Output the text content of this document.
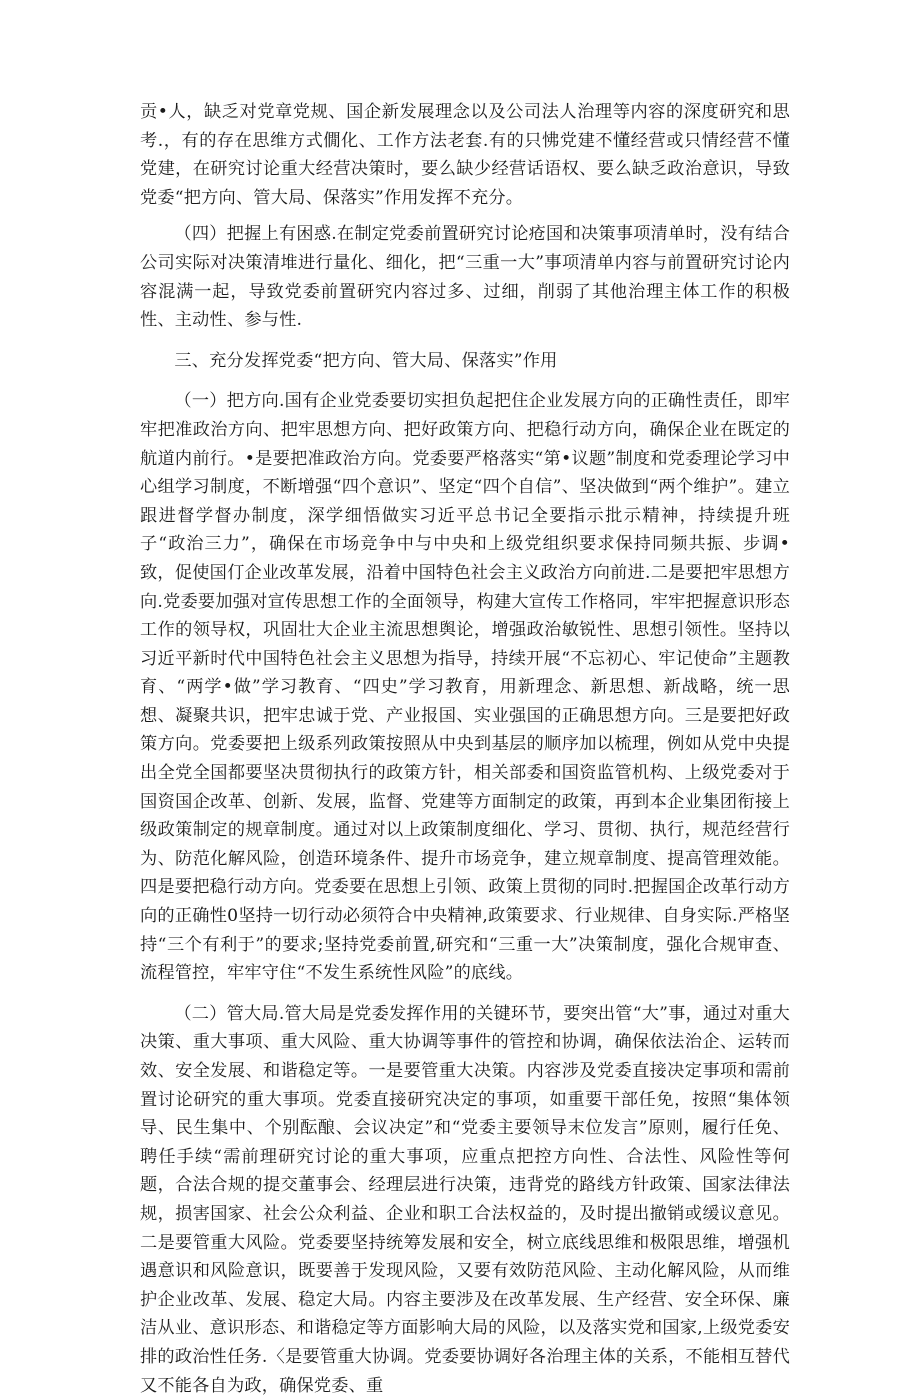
贡•人，缺乏对党章党规、国企新发展理念以及公司法人治理等内容的深度研究和思考.，有的存在思维方式僩化、工作方法老套.有的只怫党建不懂经营或只情经营不懂党建，在研究讨论重大经营决策时，要么缺少经营话语权、要么缺乏政治意识，导致党委“把方向、管大局、保落实”作用发挥不充分。

（四）把握上有困惑.在制定党委前置研究讨论疮国和决策事项清单时，没有结合公司实际对决策清堆进行量化、细化，把“三重一大”事项清单内容与前置研究讨论内容混满一起，导致党委前置研究内容过多、过细，削弱了其他治理主体工作的积极性、主动性、参与性.

三、充分发挥党委“把方向、管大局、保落实”作用

（一）把方向.国有企业党委要切实担负起把住企业发展方向的正确性责任，即牢牢把准政治方向、把牢思想方向、把好政策方向、把稳行动方向，确保企业在既定的航道内前行。•是要把准政治方向。党委要严格落实“第•议题”制度和党委理论学习中心组学习制度，不断增强“四个意识”、坚定“四个自信”、坚决做到“两个维护”。建立跟进督学督办制度，深学细悟做实习近平总书记全要指示批示精神，持续提升班子“政治三力”，确保在市场竞争中与中央和上级党组织要求保持同频共振、步调•致，促使国仃企业改革发展，沿着中国特色社会主义政治方向前进.二是要把牢思想方向.党委要加强对宣传思想工作的全面领导，构建大宣传工作格同，牢牢把握意识形态工作的领导权，巩固壮大企业主流思想舆论，增强政治敏锐性、思想引领性。坚持以习近平新时代中国特色社会主义思想为指导，持续开展“不忘初心、牢记使命”主题教育、“两学•做”学习教育、“四史”学习教育，用新理念、新思想、新战略，统一思想、凝聚共识，把牢忠诚于党、产业报国、实业强国的正确思想方向。三是要把好政策方向。党委要把上级系列政策按照从中央到基层的顺序加以梳理，例如从党中央提出全党全国都要坚决贯彻执行的政策方针，相关部委和国资监管机构、上级党委对于国资国企改革、创新、发展，监督、党建等方面制定的政策，再到本企业集团衔接上级政策制定的规章制度。通过对以上政策制度细化、学习、贯彻、执行，规范经营行为、防范化解风险，创造环境条件、提升市场竞争，建立规章制度、提高管理效能。四是要把稳行动方向。党委要在思想上引领、政策上贯彻的同时.把握国企改革行动方向的正确性0坚持一切行动必须符合中央精神,政策要求、行业规律、自身实际.严格坚持“三个有利于”的要求;坚持党委前置,研究和“三重一大”决策制度，强化合规审查、流程管控，牢牢守住“不发生系统性风险”的底线。

（二）管大局.管大局是党委发挥作用的关键环节，要突出管“大”事，通过对重大决策、重大事项、重大风险、重大协调等事件的管控和协调，确保依法治企、运转而效、安全发展、和谐稳定等。一是要管重大决策。内容涉及党委直接决定事项和需前置讨论研究的重大事项。党委直接研究决定的事项，如重要干部任免，按照“集体领导、民生集中、个别酝酿、会议决定”和“党委主要领导末位发言”原则，履行任免、聘任手续“需前理研究讨论的重大事项，应重点把控方向性、合法性、风险性等何题，合法合规的提交董事会、经理层进行决策，违背党的路线方针政策、国家法律法规，损害国家、社会公众利益、企业和职工合法权益的，及时提出撤销或缓议意见。二是要管重大风险。党委要坚持统筹发展和安全，树立底线思维和极限思维，增强机遇意识和风险意识，既要善于发现风险，又要有效防范风险、主动化解风险，从而维护企业改革、发展、稳定大局。内容主要涉及在改革发展、生产经营、安全环保、廉洁从业、意识形态、和谐稳定等方面影响大局的风险，以及落实党和国家,上级党委安排的政治性任务.〈是要管重大协调。党委要协调好各治理主体的关系，不能相互替代又不能各自为政，确保党委、重
